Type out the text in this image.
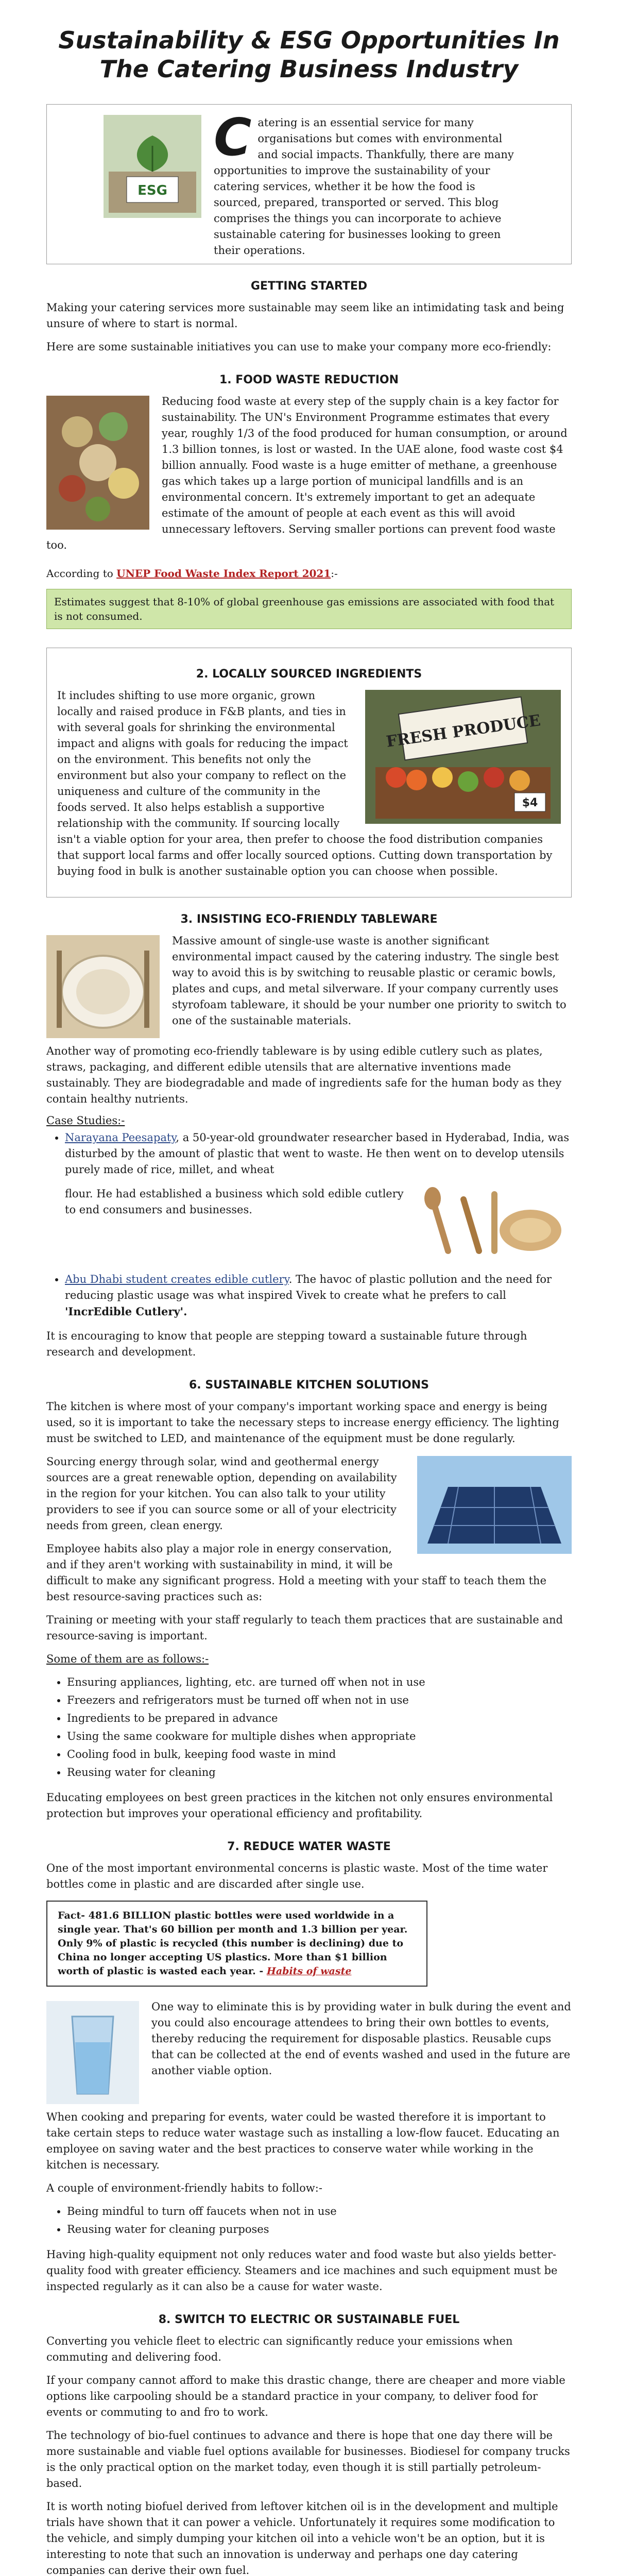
Sustainability & ESG Opportunities In The Catering Business Industry
ESG

Catering is an essential service for many organisations but comes with environmental and social impacts. Thankfully, there are many opportunities to improve the sustainability of your catering services, whether it be how the food is sourced, prepared, transported or served. This blog comprises the things you can incorporate to achieve sustainable catering for businesses looking to green their operations.

GETTING STARTED

Making your catering services more sustainable may seem like an intimidating task and being unsure of where to start is normal.

Here are some sustainable initiatives you can use to make your company more eco-friendly:

1. FOOD WASTE REDUCTION

Reducing food waste at every step of the supply chain is a key factor for sustainability. The UN's Environment Programme estimates that every year, roughly 1/3 of the food produced for human consumption, or around 1.3 billion tonnes, is lost or wasted. In the UAE alone, food waste cost $4 billion annually. Food waste is a huge emitter of methane, a greenhouse gas which takes up a large portion of municipal landfills and is an environmental concern. It's extremely important to get an adequate estimate of the amount of people at each event as this will avoid unnecessary leftovers. Serving smaller portions can prevent food waste too.

According to UNEP Food Waste Index Report 2021:-

Estimates suggest that 8-10% of global greenhouse gas emissions are associated with food that is not consumed.
2. LOCALLY SOURCED INGREDIENTS
FRESH PRODUCE
$4

It includes shifting to use more organic, grown locally and raised produce in F&B plants, and ties in with several goals for shrinking the environmental impact and aligns with goals for reducing the impact on the environment. This benefits not only the environment but also your company to reflect on the uniqueness and culture of the community in the foods served. It also helps establish a supportive relationship with the community. If sourcing locally isn't a viable option for your area, then prefer to choose the food distribution companies that support local farms and offer locally sourced options. Cutting down transportation by buying food in bulk is another sustainable option you can choose when possible.

3. INSISTING ECO-FRIENDLY TABLEWARE

Massive amount of single-use waste is another significant environmental impact caused by the catering industry. The single best way to avoid this is by switching to reusable plastic or ceramic bowls, plates and cups, and metal silverware. If your company currently uses styrofoam tableware, it should be your number one priority to switch to one of the sustainable materials.

Another way of promoting eco-friendly tableware is by using edible cutlery such as plates, straws, packaging, and different edible utensils that are alternative inventions made sustainably. They are biodegradable and made of ingredients safe for the human body as they contain healthy nutrients.

Case Studies:-
• Narayana Peesapaty, a 50-year-old groundwater researcher based in Hyderabad, India, was disturbed by the amount of plastic that went to waste. He then went on to develop utensils purely made of rice, millet, and wheat

flour. He had established a business which sold edible cutlery to end consumers and businesses.

• Abu Dhabi student creates edible cutlery. The havoc of plastic pollution and the need for reducing plastic usage was what inspired Vivek to create what he prefers to call 'IncrEdible Cutlery'.

It is encouraging to know that people are stepping toward a sustainable future through research and development.

6. SUSTAINABLE KITCHEN SOLUTIONS

The kitchen is where most of your company's important working space and energy is being used, so it is important to take the necessary steps to increase energy efficiency. The lighting must be switched to LED, and maintenance of the equipment must be done regularly.

Sourcing energy through solar, wind and geothermal energy sources are a great renewable option, depending on availability in the region for your kitchen. You can also talk to your utility providers to see if you can source some or all of your electricity needs from green, clean energy.

Employee habits also play a major role in energy conservation, and if they aren't working with sustainability in mind, it will be difficult to make any significant progress. Hold a meeting with your staff to teach them the best resource-saving practices such as:

Training or meeting with your staff regularly to teach them practices that are sustainable and resource-saving is important.

Some of them are as follows:-

• Ensuring appliances, lighting, etc. are turned off when not in use
• Freezers and refrigerators must be turned off when not in use
• Ingredients to be prepared in advance
• Using the same cookware for multiple dishes when appropriate
• Cooling food in bulk, keeping food waste in mind
• Reusing water for cleaning

Educating employees on best green practices in the kitchen not only ensures environmental protection but improves your operational efficiency and profitability.

7. REDUCE WATER WASTE

One of the most important environmental concerns is plastic waste. Most of the time water bottles come in plastic and are discarded after single use.

Fact- 481.6 BILLION plastic bottles were used worldwide in a single year. That's 60 billion per month and 1.3 billion per year. Only 9% of plastic is recycled (this number is declining) due to China no longer accepting US plastics. More than $1 billion worth of plastic is wasted each year. - Habits of waste

One way to eliminate this is by providing water in bulk during the event and you could also encourage attendees to bring their own bottles to events, thereby reducing the requirement for disposable plastics. Reusable cups that can be collected at the end of events washed and used in the future are another viable option.

When cooking and preparing for events, water could be wasted therefore it is important to take certain steps to reduce water wastage such as installing a low-flow faucet. Educating an employee on saving water and the best practices to conserve water while working in the kitchen is necessary.

A couple of environment-friendly habits to follow:-

• Being mindful to turn off faucets when not in use
• Reusing water for cleaning purposes

Having high-quality equipment not only reduces water and food waste but also yields better-quality food with greater efficiency. Steamers and ice machines and such equipment must be inspected regularly as it can also be a cause for water waste.

8. SWITCH TO ELECTRIC OR SUSTAINABLE FUEL

Converting you vehicle fleet to electric can significantly reduce your emissions when commuting and delivering food.

If your company cannot afford to make this drastic change, there are cheaper and more viable options like carpooling should be a standard practice in your company, to deliver food for events or commuting to and fro to work.

The technology of bio-fuel continues to advance and there is hope that one day there will be more sustainable and viable fuel options available for businesses. Biodiesel for company trucks is the only practical option on the market today, even though it is still partially petroleum-based.

It is worth noting biofuel derived from leftover kitchen oil is in the development and multiple trials have shown that it can power a vehicle. Unfortunately it requires some modification to the vehicle, and simply dumping your kitchen oil into a vehicle won't be an option, but it is interesting to note that such an innovation is underway and perhaps one day catering companies can derive their own fuel.
